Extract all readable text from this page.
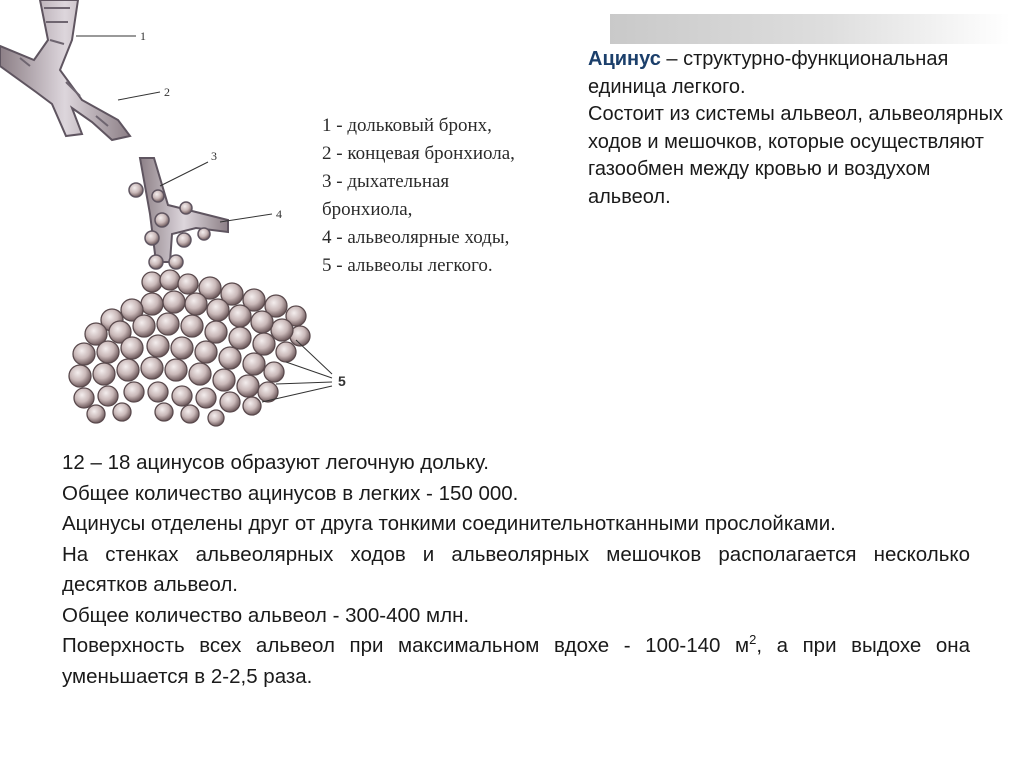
1
2
3
4
5
1 - дольковый бронх,
2 - концевая бронхиола,
3 - дыхательная
бронхиола,
4 - альвеолярные ходы,
5 - альвеолы легкого.
Ацинус – структурно-функциональная единица легкого.
Состоит из системы альвеол, альвеолярных ходов и мешочков, которые осуществляют газообмен между кровью и воздухом альвеол.

12 – 18 ацинусов образуют легочную дольку.

Общее количество ацинусов в легких - 150 000.

Ацинусы отделены друг от друга тонкими соединительнотканными прослойками.

На стенках альвеолярных ходов и альвеолярных мешочков располагается несколько десятков альвеол.

Общее количество альвеол - 300-400 млн.

Поверхность всех альвеол при максимальном вдохе - 100-140 $м^2$, а при выдохе она уменьшается в 2-2,5 раза.
